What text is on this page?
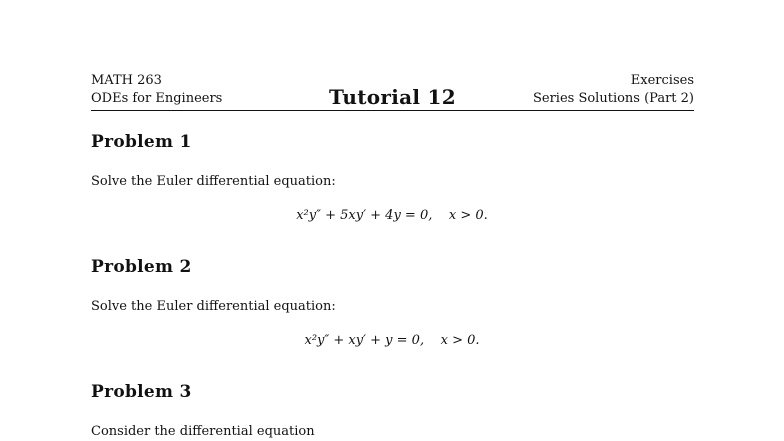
MATH 263
ODEs for Engineers	Tutorial 12
Exercises
Series Solutions (Part 2)
Problem 1
Solve the Euler differential equation:
x²y″ + 5xy′ + 4y = 0,    x > 0.
Problem 2
Solve the Euler differential equation:
x²y″ + xy′ + y = 0,    x > 0.
Problem 3
Consider the differential equation
